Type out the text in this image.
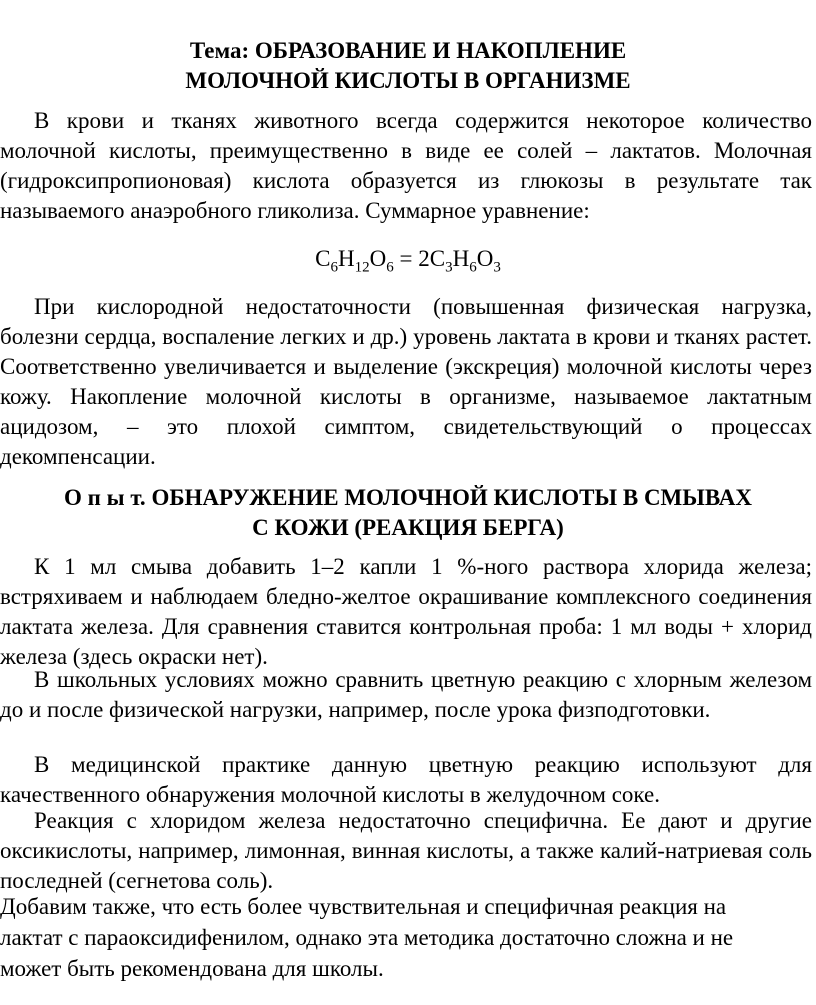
Тема: ОБРАЗОВАНИЕ И НАКОПЛЕНИЕ
МОЛОЧНОЙ КИСЛОТЫ В ОРГАНИЗМЕ

В крови и тканях животного всегда содержится некоторое количество молочной кислоты, преимущественно в виде ее солей – лактатов. Молочная (гидроксипропионовая) кислота образуется из глюкозы в результате так называемого анаэробного гликолиза. Суммарное уравнение:

$C_6H_{12}O_6 = 2C_3H_6O_3$

При кислородной недостаточности (повышенная физическая нагрузка, болезни сердца, воспаление легких и др.) уровень лактата в крови и тканях растет. Соответственно увеличивается и выделение (экскреция) молочной кислоты через кожу. Накопление молочной кислоты в организме, называемое лактатным ацидозом, – это плохой симптом, свидетельствующий о процессах декомпенсации.

О п ы т. ОБНАРУЖЕНИЕ МОЛОЧНОЙ КИСЛОТЫ В СМЫВАХ
С КОЖИ (РЕАКЦИЯ БЕРГА)

К 1 мл смыва добавить 1–2 капли 1 %-ного раствора хлорида железа; встряхиваем и наблюдаем бледно-желтое окрашивание комплексного соединения лактата железа. Для сравнения ставится контрольная проба: 1 мл воды + хлорид железа (здесь окраски нет).

В школьных условиях можно сравнить цветную реакцию с хлорным железом до и после физической нагрузки, например, после урока физподготовки.

В медицинской практике данную цветную реакцию используют для качественного обнаружения молочной кислоты в желудочном соке.

Реакция с хлоридом железа недостаточно специфична. Ее дают и другие оксикислоты, например, лимонная, винная кислоты, а также калий-натриевая соль последней (сегнетова соль).

Добавим также, что есть более чувствительная и специфичная реакция на лактат с параоксидифенилом, однако эта методика достаточно сложна и не может быть рекомендована для школы.
